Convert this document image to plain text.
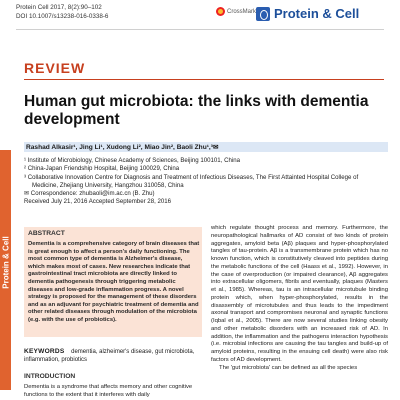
Protein Cell 2017, 8(2):90–102
DOI 10.1007/s13238-016-0338-6
CrossMark Protein & Cell
REVIEW
Human gut microbiota: the links with dementia development
Rashad Alkasir¹, Jing Li¹, Xudong Li², Miao Jin², Baoli Zhu¹,³✉
¹ Institute of Microbiology, Chinese Academy of Sciences, Beijing 100101, China
² China-Japan Friendship Hospital, Beijing 100029, China
³ Collaborative Innovation Centre for Diagnosis and Treatment of Infectious Diseases, The First Attainted Hospital College of
Medicine, Zhejiang University, Hangzhou 310058, China
✉ Correspondence: zhubaoli@im.ac.cn (B. Zhu)
Received July 21, 2016 Accepted September 28, 2016
Protein & Cell
ABSTRACT
Dementia is a comprehensive category of brain diseases that is great enough to affect a person's daily functioning. The most common type of dementia is Alzheimer's disease, which makes most of cases. New researches indicate that gastrointestinal tract microbiota are directly linked to dementia pathogenesis through triggering metabolic diseases and low-grade inflammation progress. A novel strategy is proposed for the management of these disorders and as an adjuvant for psychiatric treatment of dementia and other related diseases through modulation of the microbiota (e.g. with the use of probiotics).
KEYWORDS dementia, alzheimer's disease, gut microbiota, inflammation, probiotics
INTRODUCTION
Dementia is a syndrome that affects memory and other cognitive functions to the extent that it interferes with daily
which regulate thought process and memory. Furthermore, the neuropathological hallmarks of AD consist of two kinds of protein aggregates, amyloid beta (Aβ) plaques and hyper-phosphorylated tangles of tau-protein. Aβ is a transmembrane protein which has no known function, which is constitutively cleaved into peptides during the metabolic functions of the cell (Haass et al., 1992). However, in the case of overproduction (or impaired clearance), Aβ aggregates into extracellular oligomers, fibrils and eventually, plaques (Masters et al., 1985). Whereas, tau is an intracellular microtubule binding protein which, when hyper-phosphorylated, results in the disassembly of microtubules and thus leads to the impediment axonal transport and compromises neuronal and synaptic functions (Iqbal et al., 2005). There are now several studies linking obesity and other metabolic disorders with an increased risk of AD. In addition, the inflammation and the pathogens interaction hypothesis (i.e. microbial infections are causing the tau tangles and build-up of amyloid proteins, resulting in the ensuing cell death) were also risk factors of AD development.
The 'gut microbiota' can be defined as all the species
